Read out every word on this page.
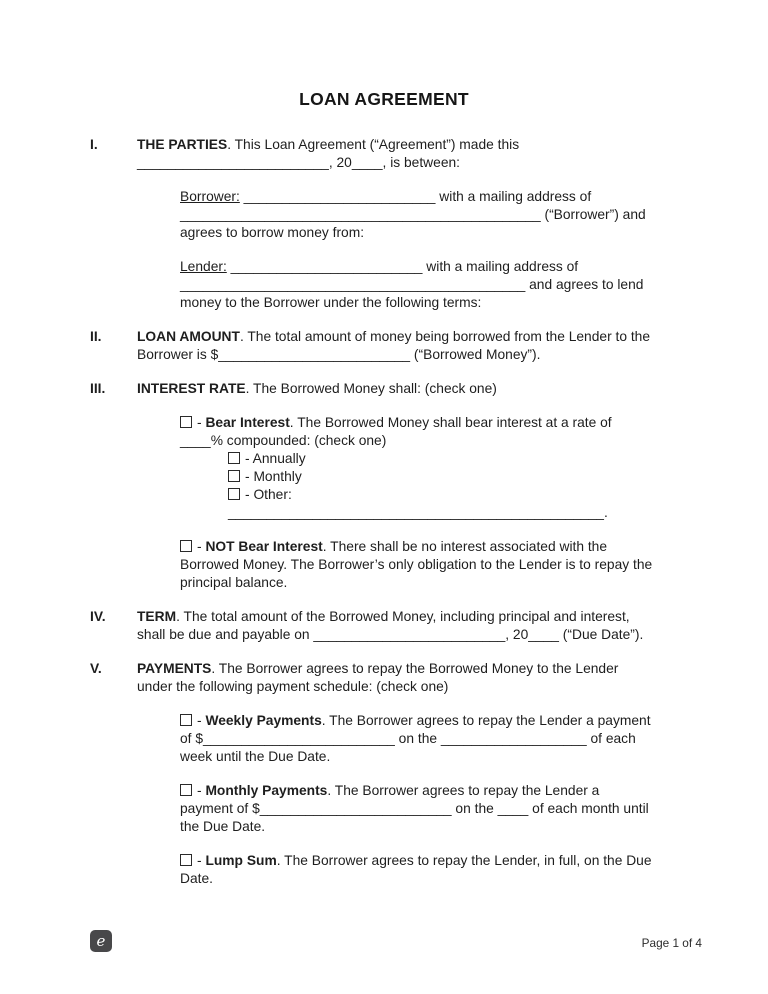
LOAN AGREEMENT
I.	THE PARTIES. This Loan Agreement (“Agreement”) made this _________________________, 20____, is between:

Borrower: _________________________ with a mailing address of _______________________________________________ (“Borrower”) and agrees to borrow money from:

Lender: _________________________ with a mailing address of _____________________________________________ and agrees to lend money to the Borrower under the following terms:

II.	LOAN AMOUNT. The total amount of money being borrowed from the Lender to the Borrower is $_________________________ (“Borrowed Money”).

III.	INTEREST RATE. The Borrowed Money shall: (check one)

- Bear Interest. The Borrowed Money shall bear interest at a rate of ____% compounded: (check one)

- Annually

- Monthly

- Other: _________________________________________________.

- NOT Bear Interest. There shall be no interest associated with the Borrowed Money. The Borrower’s only obligation to the Lender is to repay the principal balance.

IV.	TERM. The total amount of the Borrowed Money, including principal and interest, shall be due and payable on _________________________, 20____ (“Due Date”).

V.	PAYMENTS. The Borrower agrees to repay the Borrowed Money to the Lender under the following payment schedule: (check one)

- Weekly Payments. The Borrower agrees to repay the Lender a payment of $_________________________ on the ___________________ of each week until the Due Date.

- Monthly Payments. The Borrower agrees to repay the Lender a payment of $_________________________ on the ____ of each month until the Due Date.

- Lump Sum. The Borrower agrees to repay the Lender, in full, on the Due Date.

e	Page 1 of 4
